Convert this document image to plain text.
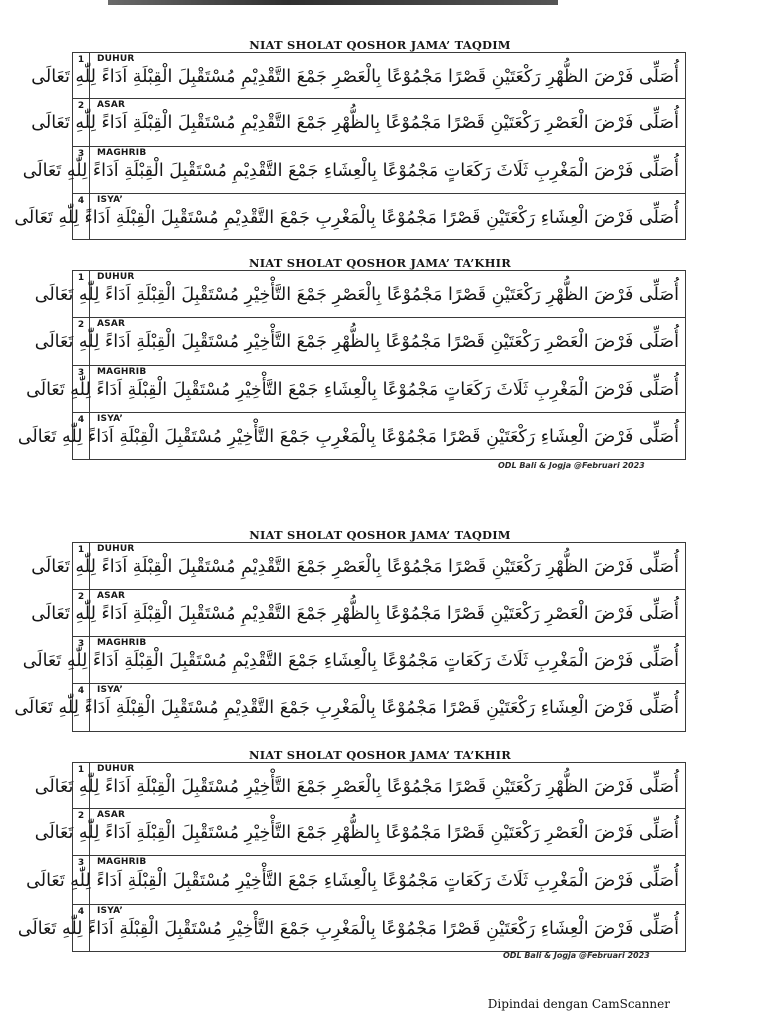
NIAT SHOLAT QOSHOR JAMA’ TAQDIM
1	DUHUR
أُصَلِّى فَرْضَ الظُّهْرِ رَكْعَتَيْنِ قَصْرًا مَجْمُوْعًا بِالْعَصْرِ جَمْعَ التَّقْدِيْمِ مُسْتَقْبِلَ الْقِبْلَةِ اَدَاءً لِلّٰهِ تَعَالَى

2	ASAR
أُصَلِّى فَرْضَ الْعَصْرِ رَكْعَتَيْنِ قَصْرًا مَجْمُوْعًا بِالظُّهْرِ جَمْعَ التَّقْدِيْمِ مُسْتَقْبِلَ الْقِبْلَةِ اَدَاءً لِلّٰهِ تَعَالَى

3	MAGHRIB
أُصَلِّى فَرْضَ الْمَغْرِبِ ثَلَاثَ رَكَعَاتٍ مَجْمُوْعًا بِالْعِشَاءِ جَمْعَ التَّقْدِيْمِ مُسْتَقْبِلَ الْقِبْلَةِ اَدَاءً لِلّٰهِ تَعَالَى

4	ISYA’
أُصَلِّى فَرْضَ الْعِشَاءِ رَكْعَتَيْنِ قَصْرًا مَجْمُوْعًا بِالْمَغْرِبِ جَمْعَ التَّقْدِيْمِ مُسْتَقْبِلَ الْقِبْلَةِ اَدَاءً لِلّٰهِ تَعَالَى
NIAT SHOLAT QOSHOR JAMA’ TA’KHIR
1	DUHUR
أُصَلِّى فَرْضَ الظُّهْرِ رَكْعَتَيْنِ قَصْرًا مَجْمُوْعًا بِالْعَصْرِ جَمْعَ التَّأْخِيْرِ مُسْتَقْبِلَ الْقِبْلَةِ اَدَاءً لِلّٰهِ تَعَالَى

2	ASAR
أُصَلِّى فَرْضَ الْعَصْرِ رَكْعَتَيْنِ قَصْرًا مَجْمُوْعًا بِالظُّهْرِ جَمْعَ التَّأْخِيْرِ مُسْتَقْبِلَ الْقِبْلَةِ اَدَاءً لِلّٰهِ تَعَالَى

3	MAGHRIB
أُصَلِّى فَرْضَ الْمَغْرِبِ ثَلَاثَ رَكَعَاتٍ مَجْمُوْعًا بِالْعِشَاءِ جَمْعَ التَّأْخِيْرِ مُسْتَقْبِلَ الْقِبْلَةِ اَدَاءً لِلّٰهِ تَعَالَى

4	ISYA’
أُصَلِّى فَرْضَ الْعِشَاءِ رَكْعَتَيْنِ قَصْرًا مَجْمُوْعًا بِالْمَغْرِبِ جَمْعَ التَّأْخِيْرِ مُسْتَقْبِلَ الْقِبْلَةِ اَدَاءً لِلّٰهِ تَعَالَى
ODL Bali & Jogja @Februari 2023
NIAT SHOLAT QOSHOR JAMA’ TAQDIM
1	DUHUR
أُصَلِّى فَرْضَ الظُّهْرِ رَكْعَتَيْنِ قَصْرًا مَجْمُوْعًا بِالْعَصْرِ جَمْعَ التَّقْدِيْمِ مُسْتَقْبِلَ الْقِبْلَةِ اَدَاءً لِلّٰهِ تَعَالَى

2	ASAR
أُصَلِّى فَرْضَ الْعَصْرِ رَكْعَتَيْنِ قَصْرًا مَجْمُوْعًا بِالظُّهْرِ جَمْعَ التَّقْدِيْمِ مُسْتَقْبِلَ الْقِبْلَةِ اَدَاءً لِلّٰهِ تَعَالَى

3	MAGHRIB
أُصَلِّى فَرْضَ الْمَغْرِبِ ثَلَاثَ رَكَعَاتٍ مَجْمُوْعًا بِالْعِشَاءِ جَمْعَ التَّقْدِيْمِ مُسْتَقْبِلَ الْقِبْلَةِ اَدَاءً لِلّٰهِ تَعَالَى

4	ISYA’
أُصَلِّى فَرْضَ الْعِشَاءِ رَكْعَتَيْنِ قَصْرًا مَجْمُوْعًا بِالْمَغْرِبِ جَمْعَ التَّقْدِيْمِ مُسْتَقْبِلَ الْقِبْلَةِ اَدَاءً لِلّٰهِ تَعَالَى
NIAT SHOLAT QOSHOR JAMA’ TA’KHIR
1	DUHUR
أُصَلِّى فَرْضَ الظُّهْرِ رَكْعَتَيْنِ قَصْرًا مَجْمُوْعًا بِالْعَصْرِ جَمْعَ التَّأْخِيْرِ مُسْتَقْبِلَ الْقِبْلَةِ اَدَاءً لِلّٰهِ تَعَالَى

2	ASAR
أُصَلِّى فَرْضَ الْعَصْرِ رَكْعَتَيْنِ قَصْرًا مَجْمُوْعًا بِالظُّهْرِ جَمْعَ التَّأْخِيْرِ مُسْتَقْبِلَ الْقِبْلَةِ اَدَاءً لِلّٰهِ تَعَالَى

3	MAGHRIB
أُصَلِّى فَرْضَ الْمَغْرِبِ ثَلَاثَ رَكَعَاتٍ مَجْمُوْعًا بِالْعِشَاءِ جَمْعَ التَّأْخِيْرِ مُسْتَقْبِلَ الْقِبْلَةِ اَدَاءً لِلّٰهِ تَعَالَى

4	ISYA’
أُصَلِّى فَرْضَ الْعِشَاءِ رَكْعَتَيْنِ قَصْرًا مَجْمُوْعًا بِالْمَغْرِبِ جَمْعَ التَّأْخِيْرِ مُسْتَقْبِلَ الْقِبْلَةِ اَدَاءً لِلّٰهِ تَعَالَى
ODL Bali & Jogja @Februari 2023
Dipindai dengan CamScanner
